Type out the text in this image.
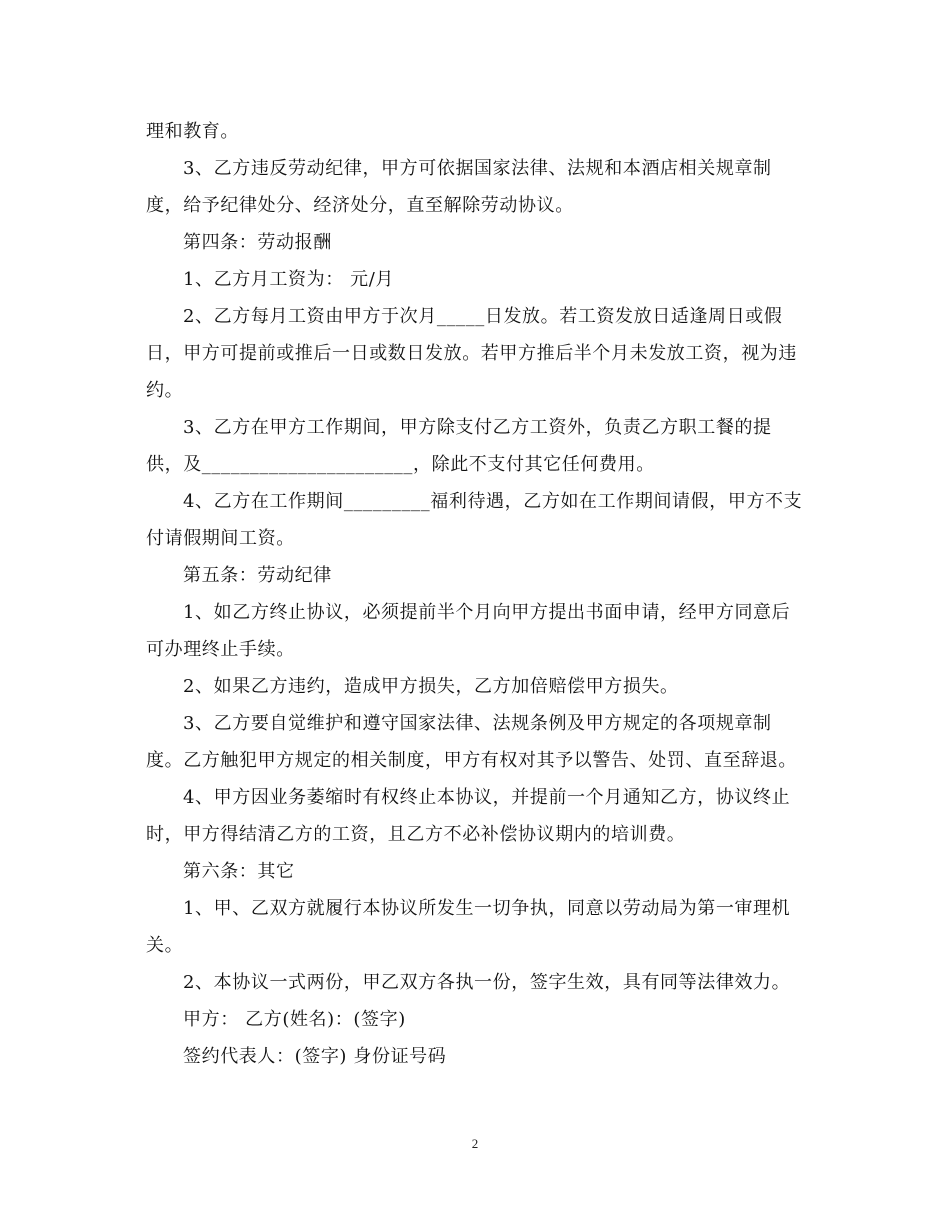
理和教育。
3、乙方违反劳动纪律，甲方可依据国家法律、法规和本酒店相关规章制
度，给予纪律处分、经济处分，直至解除劳动协议。
第四条：劳动报酬
1、乙方月工资为： 元/月
2、乙方每月工资由甲方于次月_____日发放。若工资发放日适逢周日或假
日，甲方可提前或推后一日或数日发放。若甲方推后半个月未发放工资，视为违
约。
3、乙方在甲方工作期间，甲方除支付乙方工资外，负责乙方职工餐的提
供，及______________________，除此不支付其它任何费用。
4、乙方在工作期间_________福利待遇，乙方如在工作期间请假，甲方不支
付请假期间工资。
第五条：劳动纪律
1、如乙方终止协议，必须提前半个月向甲方提出书面申请，经甲方同意后
可办理终止手续。
2、如果乙方违约，造成甲方损失，乙方加倍赔偿甲方损失。
3、乙方要自觉维护和遵守国家法律、法规条例及甲方规定的各项规章制
度。乙方触犯甲方规定的相关制度，甲方有权对其予以警告、处罚、直至辞退。
4、甲方因业务萎缩时有权终止本协议，并提前一个月通知乙方，协议终止
时，甲方得结清乙方的工资，且乙方不必补偿协议期内的培训费。
第六条：其它
1、甲、乙双方就履行本协议所发生一切争执，同意以劳动局为第一审理机
关。
2、本协议一式两份，甲乙双方各执一份，签字生效，具有同等法律效力。
甲方： 乙方(姓名)：(签字)
签约代表人：(签字) 身份证号码
2
